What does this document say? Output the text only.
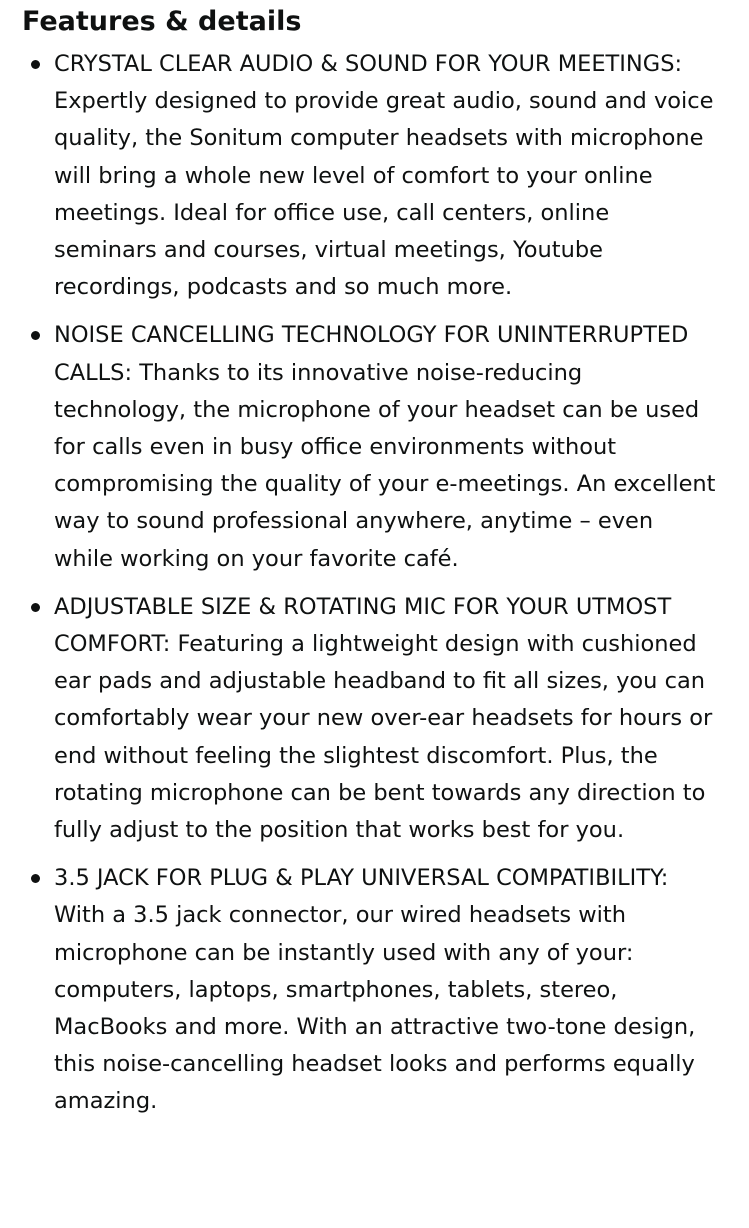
Features & details
CRYSTAL CLEAR AUDIO & SOUND FOR YOUR MEETINGS: Expertly designed to provide great audio, sound and voice quality, the Sonitum computer headsets with microphone will bring a whole new level of comfort to your online meetings. Ideal for office use, call centers, online seminars and courses, virtual meetings, Youtube recordings, podcasts and so much more.
NOISE CANCELLING TECHNOLOGY FOR UNINTERRUPTED CALLS: Thanks to its innovative noise-reducing technology, the microphone of your headset can be used for calls even in busy office environments without compromising the quality of your e-meetings. An excellent way to sound professional anywhere, anytime – even while working on your favorite café.
ADJUSTABLE SIZE & ROTATING MIC FOR YOUR UTMOST COMFORT: Featuring a lightweight design with cushioned ear pads and adjustable headband to fit all sizes, you can comfortably wear your new over-ear headsets for hours or end without feeling the slightest discomfort. Plus, the rotating microphone can be bent towards any direction to fully adjust to the position that works best for you.
3.5 JACK FOR PLUG & PLAY UNIVERSAL COMPATIBILITY: With a 3.5 jack connector, our wired headsets with microphone can be instantly used with any of your: computers, laptops, smartphones, tablets, stereo, MacBooks and more. With an attractive two-tone design, this noise-cancelling headset looks and performs equally amazing.
